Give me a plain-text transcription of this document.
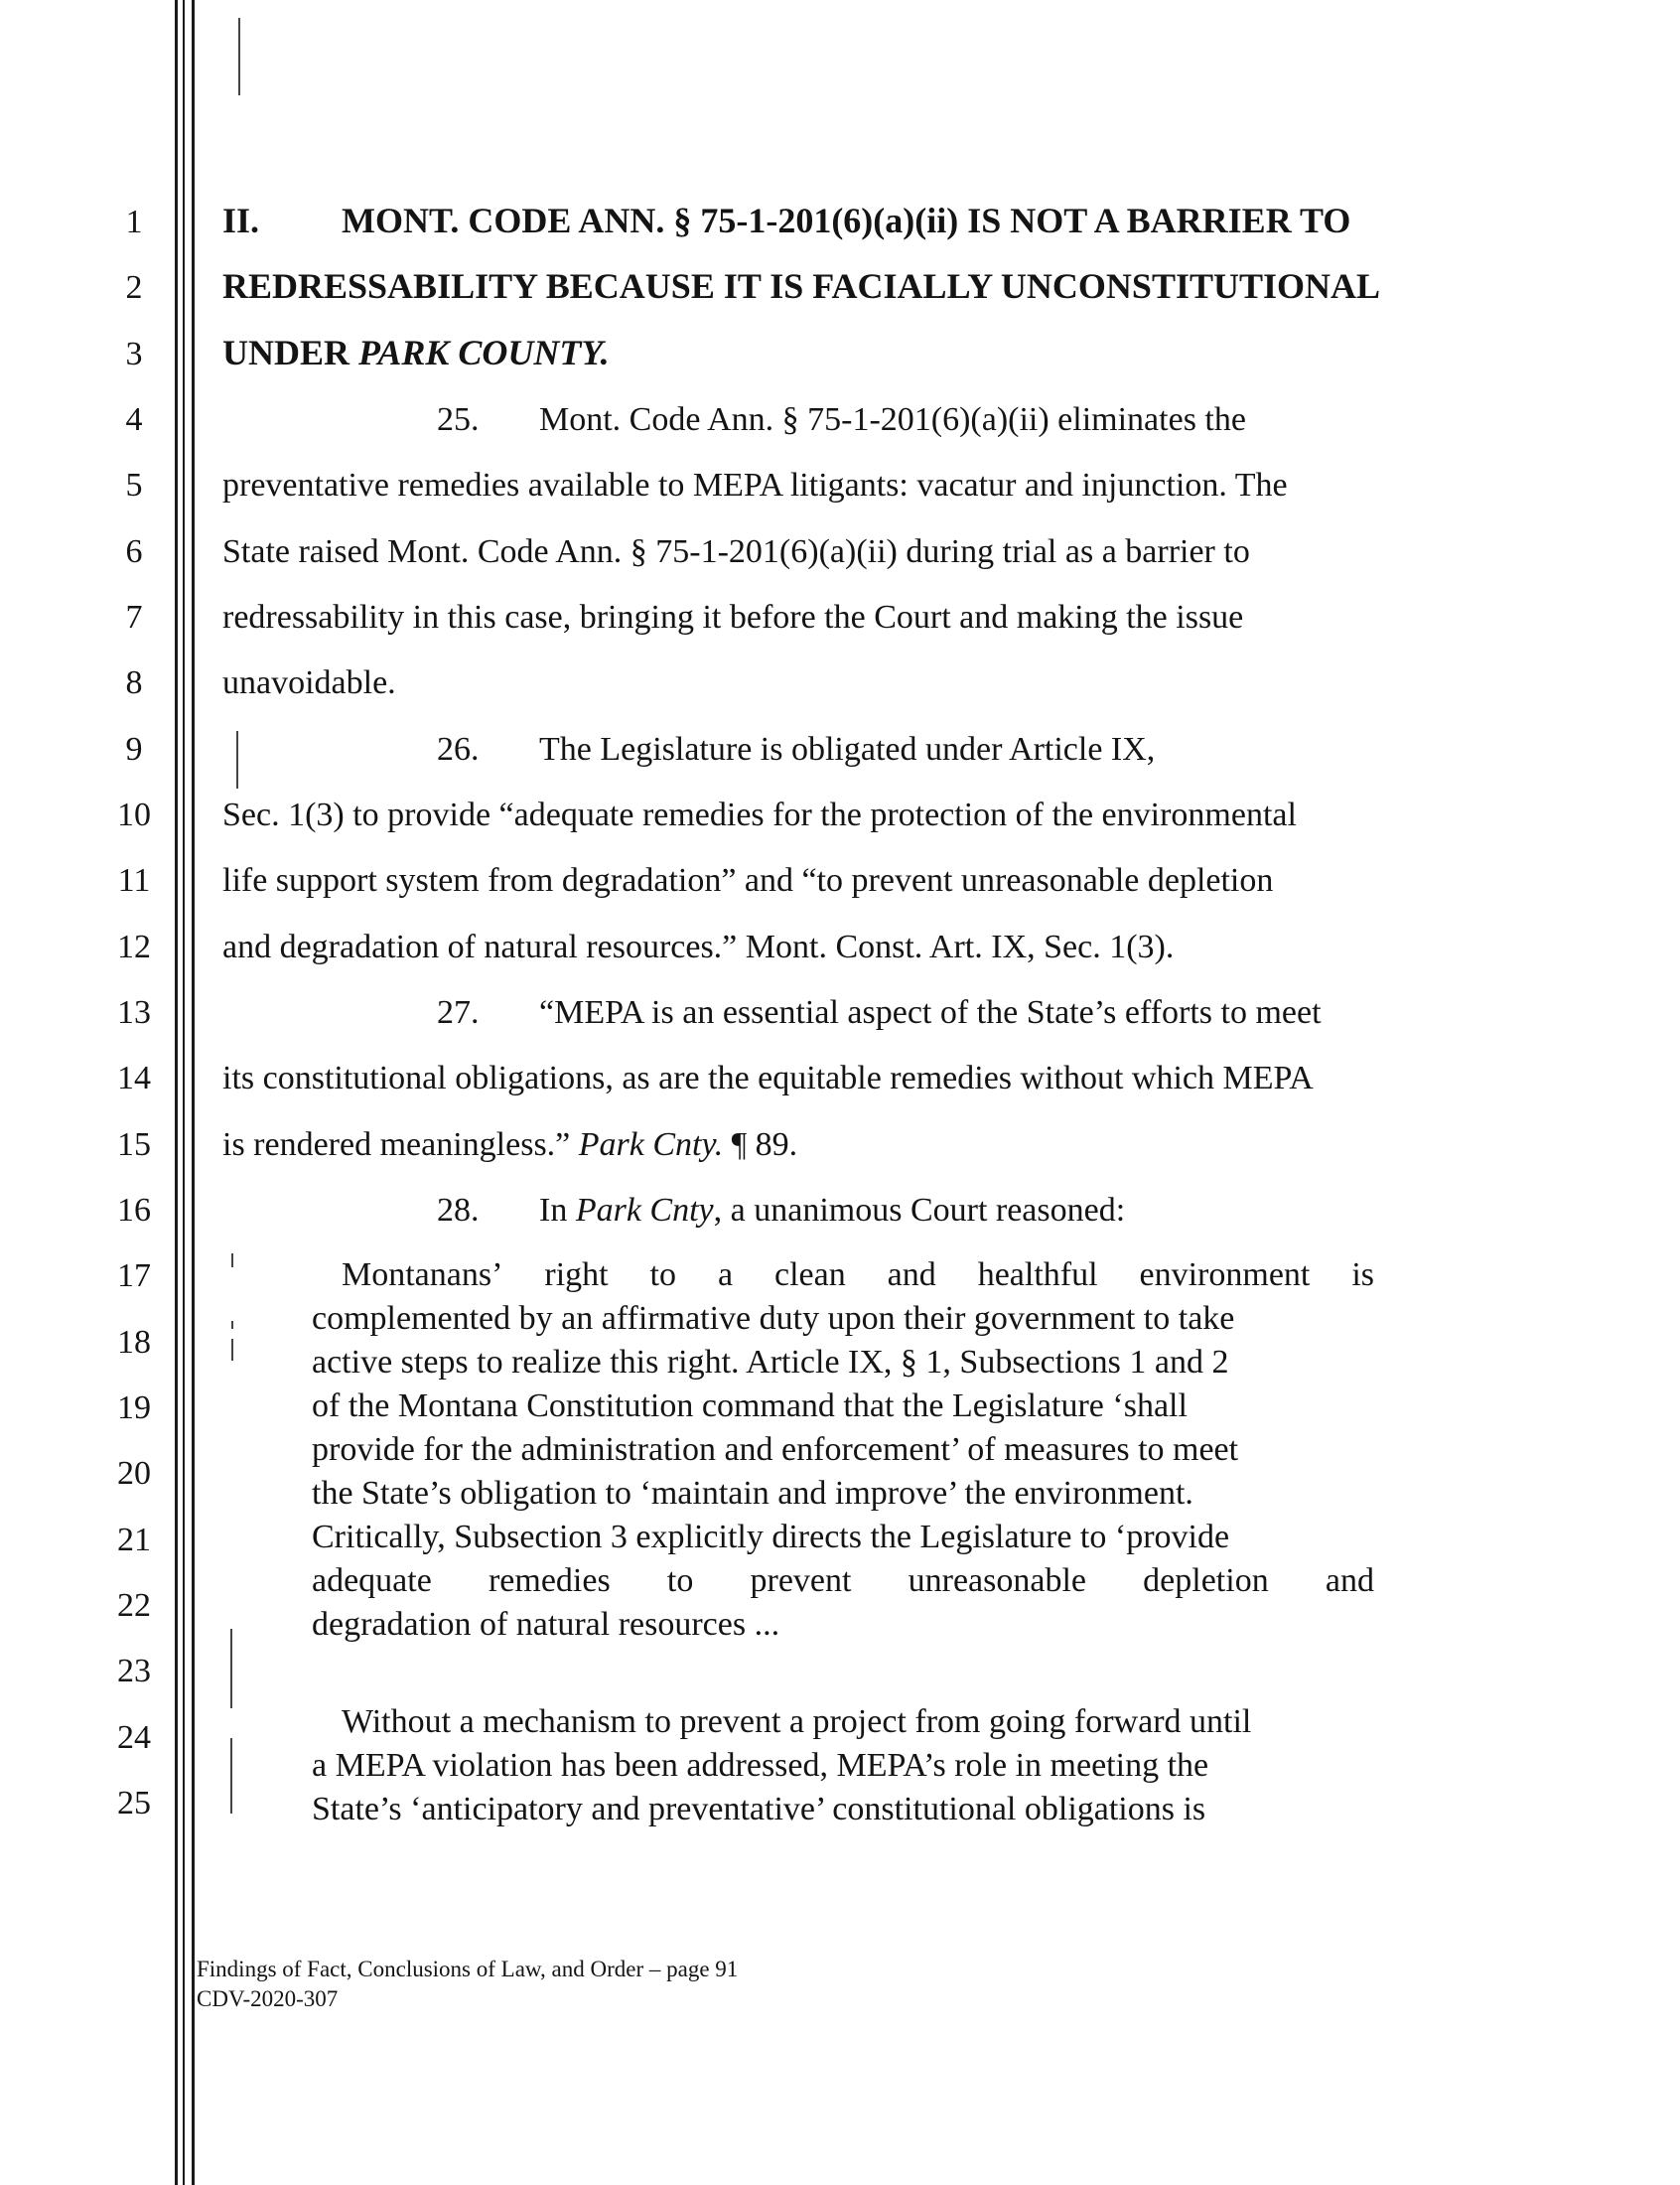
1
2
3
4
5
6
7
8
9
10
11
12
13
14
15
16
17
18
19
20
21
22
23
24
25
II. MONT. CODE ANN. § 75-1-201(6)(a)(ii) IS NOT A BARRIER TO
REDRESSABILITY BECAUSE IT IS FACIALLY UNCONSTITUTIONAL
UNDER PARK COUNTY.
25. Mont. Code Ann. § 75-1-201(6)(a)(ii) eliminates the
preventative remedies available to MEPA litigants: vacatur and injunction. The
State raised Mont. Code Ann. § 75-1-201(6)(a)(ii) during trial as a barrier to
redressability in this case, bringing it before the Court and making the issue
unavoidable.
26. The Legislature is obligated under Article IX,
Sec. 1(3) to provide “adequate remedies for the protection of the environmental
life support system from degradation” and “to prevent unreasonable depletion
and degradation of natural resources.” Mont. Const. Art. IX, Sec. 1(3).
27. “MEPA is an essential aspect of the State’s efforts to meet
its constitutional obligations, as are the equitable remedies without which MEPA
is rendered meaningless.” Park Cnty. ¶ 89.
28. In Park Cnty, a unanimous Court reasoned:
Montanans’ right to a clean and healthful environment is
complemented by an affirmative duty upon their government to take
active steps to realize this right. Article IX, § 1, Subsections 1 and 2
of the Montana Constitution command that the Legislature ‘shall
provide for the administration and enforcement’ of measures to meet
the State’s obligation to ‘maintain and improve’ the environment.
Critically, Subsection 3 explicitly directs the Legislature to ‘provide
adequate remedies to prevent unreasonable depletion and
degradation of natural resources ...
Without a mechanism to prevent a project from going forward until
a MEPA violation has been addressed, MEPA’s role in meeting the
State’s ‘anticipatory and preventative’ constitutional obligations is
Findings of Fact, Conclusions of Law, and Order – page 91
CDV-2020-307
